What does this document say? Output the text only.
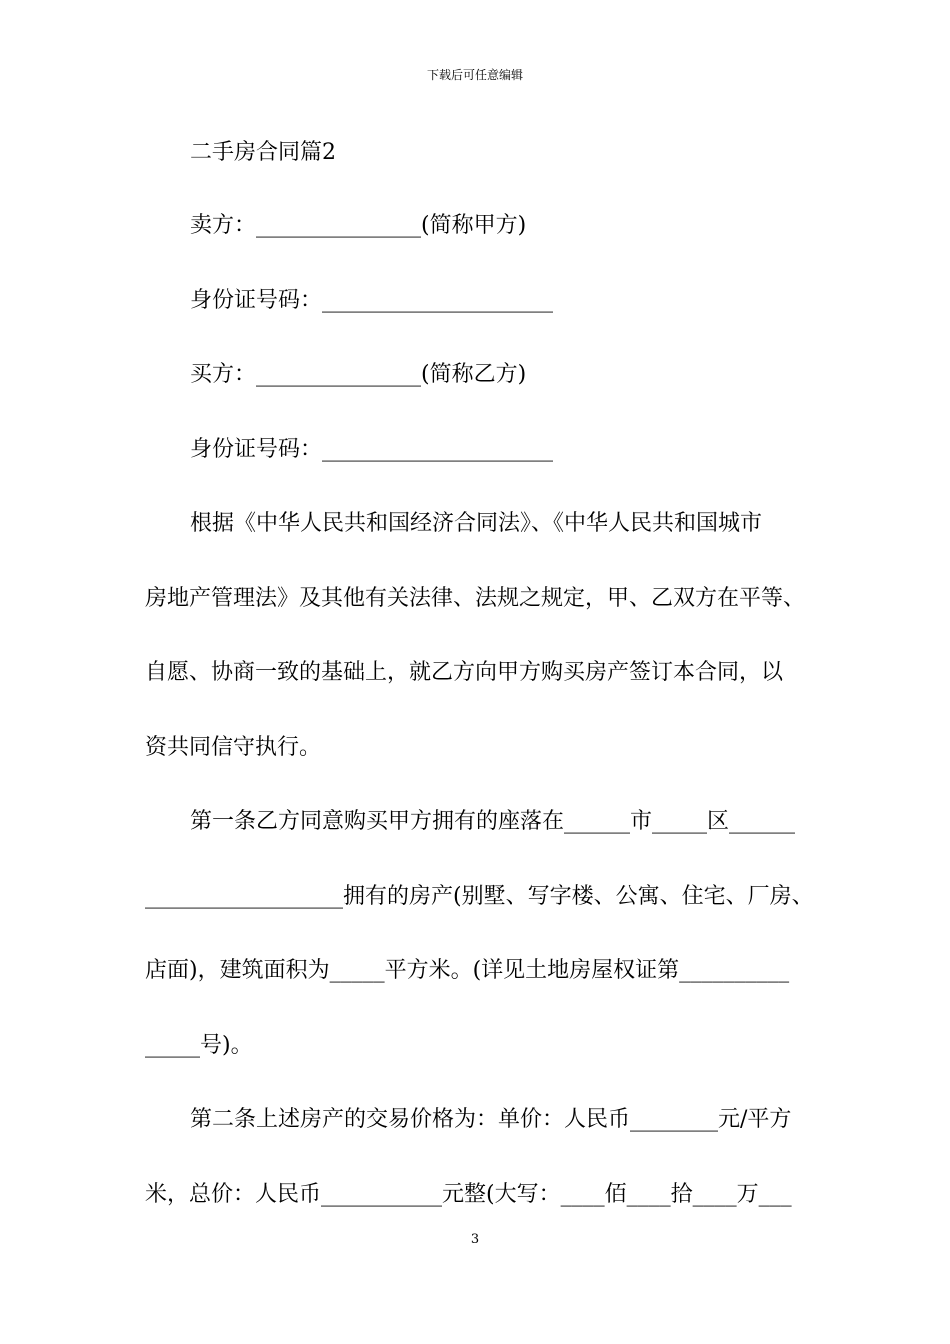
下载后可任意编辑
二手房合同篇2
卖方：_______________(简称甲方)
身份证号码：_____________________
买方：_______________(简称乙方)
身份证号码：_____________________
根据《中华人民共和国经济合同法》、《中华人民共和国城市
房地产管理法》及其他有关法律、法规之规定，甲、乙双方在平等、
自愿、协商一致的基础上，就乙方向甲方购买房产签订本合同，以
资共同信守执行。
第一条乙方同意购买甲方拥有的座落在______市_____区______
__________________拥有的房产(别墅、写字楼、公寓、住宅、厂房、
店面)，建筑面积为_____平方米。(详见土地房屋权证第__________
_____号)。
第二条上述房产的交易价格为：单价：人民币________元/平方
米，总价：人民币___________元整(大写：____佰____拾____万___
3
